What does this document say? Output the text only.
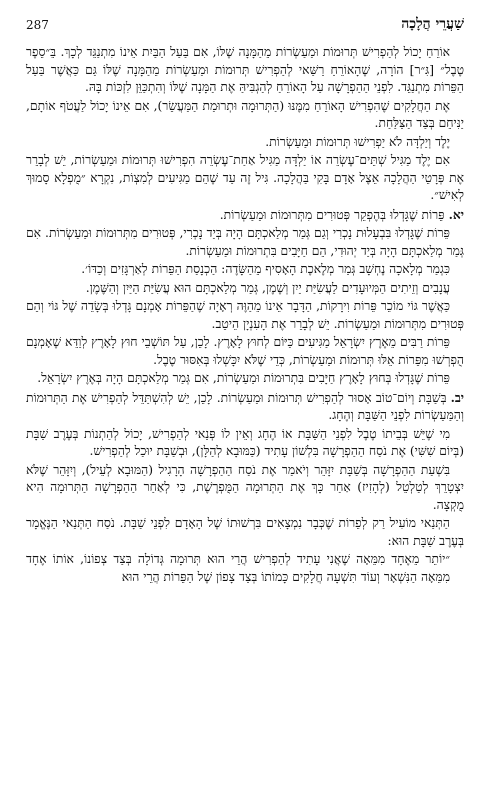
שַׁעֲרֵי הֲלָכָה
287

אוֹרֵחַ יָכוֹל לְהַפְרִישׁ תְּרוּמוֹת וּמַעַשְׂרוֹת מֵהַמָּנָה שֶׁלּוֹ, אִם בַּעַל הַבַּיִת אֵינוֹ מִתְנַגֵּד לְכָךְ. בֵּ״סֵפֶר טֶבֶל״ [גִּ״ר] הוֹרָה, שֶׁהָאוֹרֵחַ רַשַּׁאי לְהַפְרִישׁ תְּרוּמוֹת וּמַעַשְׂרוֹת מֵהַמָּנָה שֶׁלּוֹ גַּם כַּאֲשֶׁר בַּעַל הַפֵּרוֹת מִתְנַגֵּד. לִפְנֵי הַהַפְרָשָׁה עַל הָאוֹרֵחַ לְהַגְבִּיהַּ אֶת הַמָּנָה שֶׁלּוֹ וְהִתְכַּוֵּן לִזְכּוֹת בָּהּ.

אֶת הַחֲלָקִים שֶׁהִפְרִישׁ הָאוֹרֵחַ מִמֶּנּוּ (הַתְּרוּמָה וּתְרוּמַת הַמַּעֲשֵׂר), אִם אֵינוֹ יָכוֹל לַעֲטֹף אוֹתָם, יַנִּיחֵם בְּצַד הַצַּלַּחַת.

יֶלֶד וְיַלְדָּה לֹא יַפְרִישׁוּ תְּרוּמוֹת וּמַעַשְׂרוֹת.

אִם יֶלֶד מַגִּיל שְׁתֵּים־עֶשְׂרֵה אוֹ יַלְדָּה מַגִּיל אַחַת־עֶשְׂרֵה הִפְרִישׁוּ תְּרוּמוֹת וּמַעַשְׂרוֹת, יֵשׁ לְבָרֵר אֶת פְּרָטֵי הַהֲלָכָה אֵצֶל אָדָם בָּקִי בַּהֲלָכָה. גִּיל זֶה עַד שֶׁהֵם מַגִּיעִים לְמִצְוֹת, נִקְרָא ״מֻפְלָא סָמוּךְ לְאִישׁ״.

יא.פֵּרוֹת שֶׁגָּדְלוּ בְּהֶפְקֵר פְּטוּרִים מִתְּרוּמוֹת וּמַעַשְׂרוֹת.

פֵּרוֹת שֶׁגָּדְלוּ בִּבְעָלוּת נָכְרִי וְגַם גְּמַר מְלַאכְתָּם הָיָה בְּיַד נָכְרִי, פְּטוּרִים מִתְּרוּמוֹת וּמַעַשְׂרוֹת. אִם גְּמַר מְלַאכְתָּם הָיָה בְּיַד יְהוּדִי, הֵם חַיָּבִים בִּתְרוּמוֹת וּמַעַשְׂרוֹת.

כִּגְמַר מְלָאכָה נֶחְשָׁב גְּמַר מְלֶאכֶת הָאָסִיף מֵהַשָּׂדֶה: הַכְנָסַת הַפֵּרוֹת לְאַרְגָּזִים וְכַדּוֹ׳.

עֲנָבִים וְזֵיתִים הַמְּיוּעָדִים לַעֲשִׂיַּת יַיִן וְשֶׁמֶן, גְּמַר מְלַאכְתָּם הוּא עֲשִׂיַּת הַיַּיִן וְהַשֶּׁמֶן.

כַּאֲשֶׁר גּוֹי מוֹכֵר פֵּרוֹת וִירָקוֹת, הַדָּבָר אֵינוֹ מֵהַוֶּה רְאָיָה שֶׁהַפֵּרוֹת אָמְנָם גָּדְלוּ בְּשָׂדֵה שֶׁל גּוֹי וְהֵם פְּטוּרִים מִתְּרוּמוֹת וּמַעַשְׂרוֹת. יֵשׁ לְבָרֵר אֶת הָעִנְיָן הֵיטֵב.

פֵּרוֹת רַבִּים מֵאֶרֶץ יִשְׂרָאֵל מַגִּיעִים כַּיּוֹם לְחוּץ לָאָרֶץ. לָכֵן, עַל תּוֹשְׁבֵי חוּץ לָאָרֶץ לְוַדֵּא שֶׁאָמְנָם הֻפְרְשׁוּ מִפֵּרוֹת אֵלּוּ תְּרוּמוֹת וּמַעַשְׂרוֹת, כְּדֵי שֶׁלֹּא יִכָּשְׁלוּ בְּאִסּוּר טֶבֶל.

פֵּרוֹת שֶׁגָּדְלוּ בְּחוּץ לָאָרֶץ חַיָּבִים בִּתְרוּמוֹת וּמַעַשְׂרוֹת, אִם גְּמַר מְלַאכְתָּם הָיָה בְּאֶרֶץ יִשְׂרָאֵל.

יב.בְּשַׁבָּת וְיוֹם־טוֹב אָסוּר לְהַפְרִישׁ תְּרוּמוֹת וּמַעַשְׂרוֹת. לָכֵן, יֵשׁ לְהִשְׁתַּדֵּל לְהַפְרִישׁ אֶת הַתְּרוּמוֹת וְהַמַּעַשְׂרוֹת לִפְנֵי הַשַּׁבָּת וְהֶחָג.

מִי שֶׁיֵּשׁ בְּבֵיתוֹ טֶבֶל לִפְנֵי הַשַּׁבָּת אוֹ הֶחָג וְאֵין לוֹ פְּנַאי לְהַפְרִישׁ, יָכוֹל לְהַתְנוֹת בְּעֶרֶב שַׁבָּת (בְּיוֹם שִׁשִּׁי) אֶת נֹסַח הַהַפְרָשָׁה בִּלְשׁוֹן עָתִיד (כַּמּוּבָא לְהַלָּן), וּבְשַׁבָּת יוּכַל לְהַפְרִישׁ.

בִּשְׁעַת הַהַפְרָשָׁה בְּשַׁבָּת יִזָּהֵר וְיֹאמַר אֶת נֹסַח הַהַפְרָשָׁה הָרָגִיל (הַמּוּבָא לְעֵיל), וְיִזָּהֵר שֶׁלֹּא יִצְטָרֵךְ לְטַלְטֵל (לְהָזִיז) אַחַר כָּךְ אֶת הַתְּרוּמָה הַמֻּפְרֶשֶׁת, כִּי לְאַחַר הַהַפְרָשָׁה הַתְּרוּמָה הִיא מֻקְצָה.

הַתְּנַאי מוֹעִיל רַק לְפֵרוֹת שֶׁכְּבָר נִמְצָאִים בִּרְשׁוּתוֹ שֶׁל הָאָדָם לִפְנֵי שַׁבָּת. נֹסַח הַתְּנַאי הַנֶּאֱמָר בְּעֶרֶב שַׁבָּת הוּא:

״יוֹתֵר מֵאֶחָד מִמֵּאָה שֶׁאֲנִי עָתִיד לְהַפְרִישׁ הֲרֵי הוּא תְּרוּמָה גְּדוֹלָה בְּצַד צְפוֹנוֹ, אוֹתוֹ אֶחָד מִמֵּאָה הַנִּשְׁאָר וְעוֹד תִּשְׁעָה חֲלָקִים כָּמוֹתוֹ בְּצַד צָפוֹן שֶׁל הַפֵּרוֹת הֲרֵי הוּא
